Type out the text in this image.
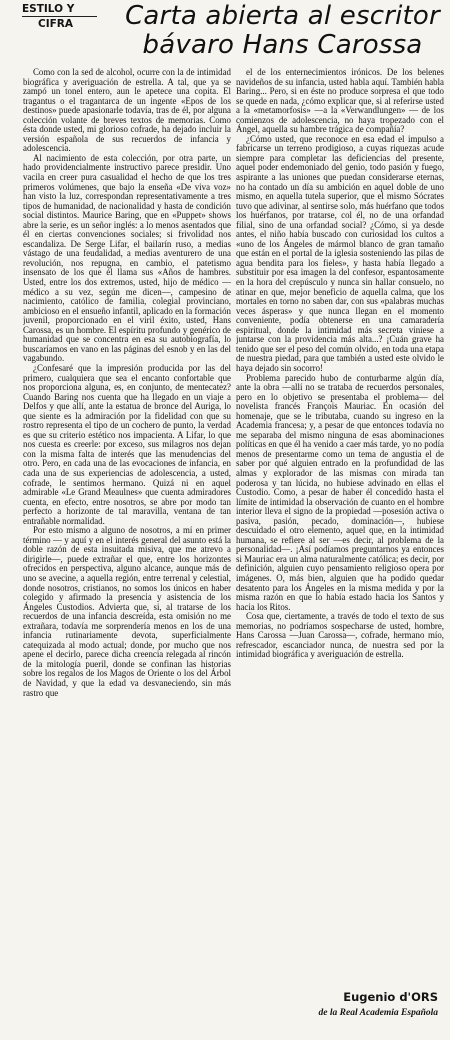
ESTILO Y
CIFRA	Carta abierta al escritor
bávaro Hans Carossa

Como con la sed de alcohol, ocurre con la de intimidad biográfica y averiguación de estrella. A tal, que ya se zampó un tonel entero, aun le apetece una copita. El tragantus o el tragantarca de un ingente «Epos de los destinos» puede apasionarle todavía, tras de él, por alguna colección volante de breves textos de memorias. Como ésta donde usted, mi glorioso cofrade, ha dejado incluir la versión española de sus recuerdos de infancia y adolescencia.

Al nacimiento de esta colección, por otra parte, un hado providencialmente instructivo parece presidir. Uno vacila en creer pura casualidad el hecho de que los tres primeros volúmenes, que bajo la enseña «De viva voz» han visto la luz, correspondan representativamente a tres tipos de humanidad, de nacionalidad y hasta de condición social distintos. Maurice Baring, que en «Puppet» shows abre la serie, es un señor inglés: a lo menos asentados que él en ciertas convenciones sociales; si frivolidad nos escandaliza. De Serge Lifar, el bailarín ruso, a medias vástago de una feudalidad, a medias aventurero de una revolución, nos repugna, en cambio, el patetismo insensato de los que él llama sus «Años de hambres. Usted, entre los dos extremos, usted, hijo de médico —médico a su vez, según me dicen—, campesino de nacimiento, católico de familia, colegial provinciano, ambicioso en el ensueño infantil, aplicado en la formación juvenil, proporcionado en el viril éxito, usted, Hans Carossa, es un hombre. El espíritu profundo y genérico de humanidad que se concentra en esa su autobiografía, lo buscaríamos en vano en las páginas del esnob y en las del vagabundo.

¿Confesaré que la impresión producida por las del primero, cualquiera que sea el encanto confortable que nos proporciona alguna, es, en conjunto, de mentecatez? Cuando Baring nos cuenta que ha llegado en un viaje a Delfos y que allí, ante la estatua de bronce del Auriga, lo que siente es la admiración por la fidelidad con que su rostro representa el tipo de un cochero de punto, la verdad es que su criterio estético nos impacienta. A Lifar, lo que nos cuesta es creerle: por exceso, sus milagros nos dejan con la misma falta de interés que las menudencias del otro. Pero, en cada una de las evocaciones de infancia, en cada una de sus experiencias de adolescencia, a usted, cofrade, le sentimos hermano. Quizá ni en aquel admirable «Le Grand Meaulnes» que cuenta admiradores cuenta, en efecto, entre nosotros, se abre por modo tan perfecto a horizonte de tal maravilla, ventana de tan entrañable normalidad.

Por esto mismo a alguno de nosotros, a mí en primer término — y aquí y en el interés general del asunto está la doble razón de esta insuitada misiva, que me atrevo a dirigirle—, puede extrañar el que, entre los horizontes ofrecidos en perspectiva, alguno alcance, aunque más de uno se avecine, a aquella región, entre terrenal y celestial, donde nosotros, cristianos, no somos los únicos en haber colegido y afirmado la presencia y asistencia de los Ángeles Custodios. Advierta que, si, al tratarse de los recuerdos de una infancia descreída, esta omisión no me extrañara, todavía me sorprendería menos en los de una infancia rutinariamente devota, superficialmente catequizada al modo actual; donde, por mucho que nos apene el decirlo, parece dicha creencia relegada al rincón de la mitología pueril, donde se confinan las historias sobre los regalos de los Magos de Oriente o los del Árbol de Navidad, y que la edad va desvaneciendo, sin más rastro que

el de los enternecimientos irónicos. De los belenes navideños de su infancia, usted habla aquí. También habla Baring... Pero, si en éste no produce sorpresa el que todo se quede en nada, ¿cómo explicar que, si al referirse usted a la «metamorfosis» —a la «Verwandlungen» — de los comienzos de adolescencia, no haya tropezado con el Ángel, aquella su hambre trágica de compañía?

¿Cómo usted, que reconoce en esa edad el impulso a fabricarse un terreno prodigioso, a cuyas riquezas acude siempre para completar las deficiencias del presente, aquel poder endemoniado del genio, todo pasión y fuego, aspirante a las uniones que puedan considerarse eternas, no ha contado un día su ambición en aquel doble de uno mismo, en aquella tutela superior, que el mismo Sócrates tuvo que adivinar, al sentirse solo, más huérfano que todos los huérfanos, por tratarse, col él, no de una orfandad filial, sino de una orfandad social? ¿Cómo, si ya desde antes, el niño había buscado con curiosidad los cultos a «uno de los Ángeles de mármol blanco de gran tamaño que están en el portal de la iglesia sosteniendo las pilas de agua bendita para los fieles», y hasta había llegado a substituir por esa imagen la del confesor, espantosamente en la hora del crepúsculo y nunca sin hallar consuelo, no atinar en que, mejor beneficio de aquella calma, que los mortales en torno no saben dar, con sus «palabras muchas veces ásperas» y que nunca llegan en el momento conveniente, podía obtenerse en una camaradería espiritual, donde la intimidad más secreta viniese a juntarse con la providencia más alta...? ¡Cuán grave ha tenido que ser el peso del común olvido, en toda una etapa de nuestra piedad, para que también a usted este olvido le haya dejado sin socorro!

Problema parecido hubo de conturbarme algún día, ante la obra —allí no se trataba de recuerdos personales, pero en lo objetivo se presentaba el problema— del novelista francés François Mauriac. En ocasión del homenaje, que se le tributaba, cuando su ingreso en la Academia francesa; y, a pesar de que entonces todavía no me separaba del mismo ninguna de esas abominaciones políticas en que él ha venido a caer más tarde, yo no podía menos de presentarme como un tema de angustia el de saber por qué alguien entrado en la profundidad de las almas y explorador de las mismas con mirada tan poderosa y tan lúcida, no hubiese advinado en ellas el Custodio. Como, a pesar de haber él concedido hasta el límite de intimidad la observación de cuanto en el hombre interior lleva el signo de la propiedad —posesión activa o pasiva, pasión, pecado, dominación—, hubiese descuidado el otro elemento, aquel que, en la intimidad humana, se refiere al ser —es decir, al problema de la personalidad—. ¡Así podíamos preguntarnos ya entonces si Mauriac era un alma naturalmente católica; es decir, por definición, alguien cuyo pensamiento religioso opera por imágenes. O, más bien, alguien que ha podido quedar desatento para los Ángeles en la misma medida y por la misma razón en que lo había estado hacia los Santos y hacia los Ritos.

Cosa que, ciertamente, a través de todo el texto de sus memorias, no podríamos sospecharse de usted, hombre, Hans Carossa —Juan Carossa—, cofrade, hermano mío, refrescador, escanciador nunca, de nuestra sed por la intimidad biográfica y averiguación de estrella.

Eugenio d'ORS
de la Real Academia Española
